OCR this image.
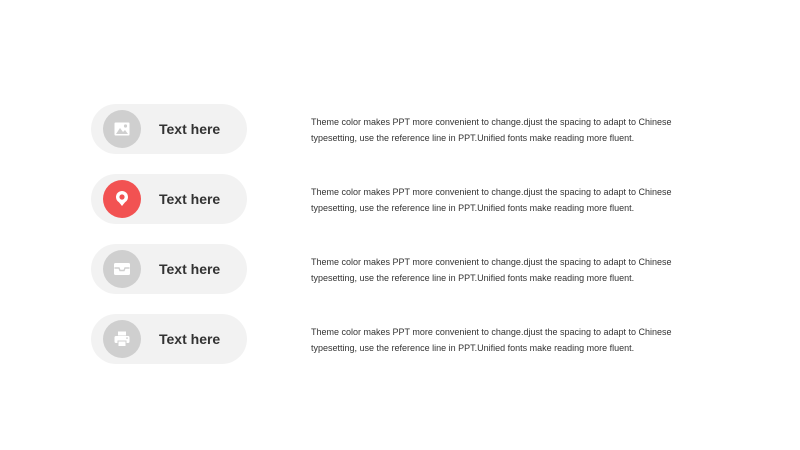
Text here	Theme color makes PPT more convenient to change.djust the spacing to adapt to Chinese typesetting, use the reference line in PPT.Unified fonts make reading more fluent.
Text here	Theme color makes PPT more convenient to change.djust the spacing to adapt to Chinese typesetting, use the reference line in PPT.Unified fonts make reading more fluent.
Text here	Theme color makes PPT more convenient to change.djust the spacing to adapt to Chinese typesetting, use the reference line in PPT.Unified fonts make reading more fluent.
Text here	Theme color makes PPT more convenient to change.djust the spacing to adapt to Chinese typesetting, use the reference line in PPT.Unified fonts make reading more fluent.
